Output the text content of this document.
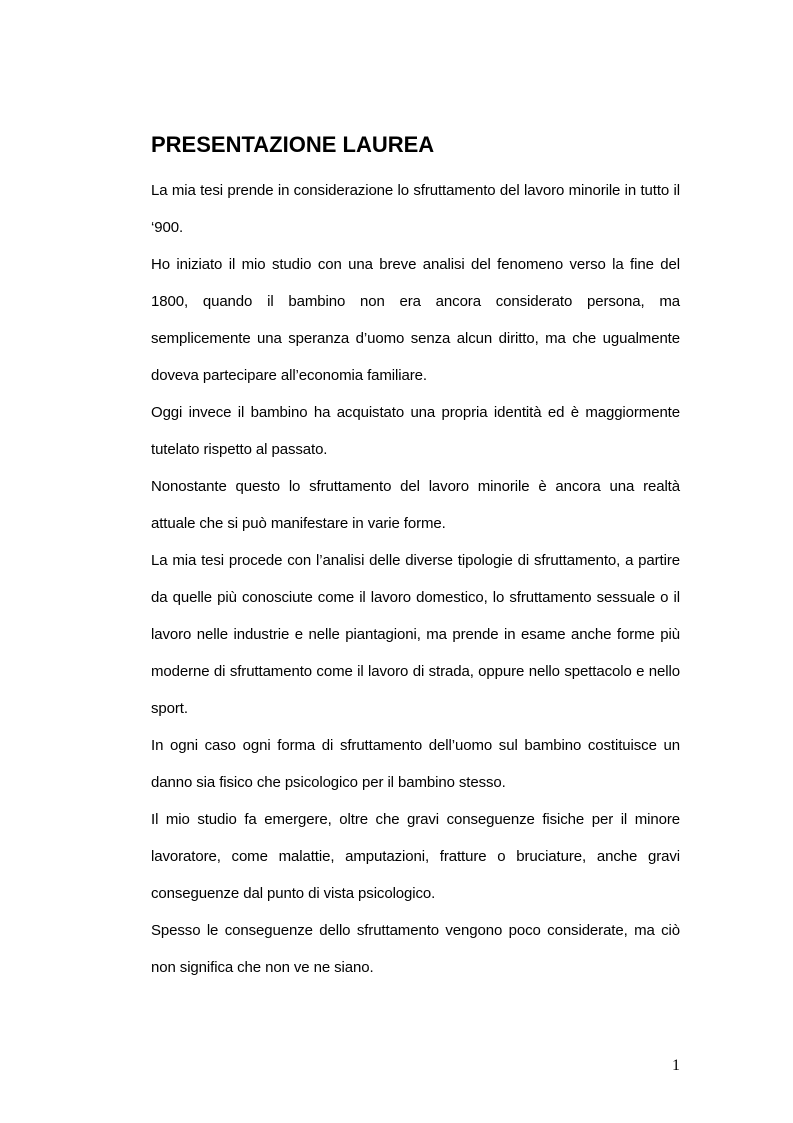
PRESENTAZIONE LAUREA

La mia tesi prende in considerazione lo sfruttamento del lavoro minorile in tutto il ‘900.

Ho iniziato il mio studio con una breve analisi del fenomeno verso la fine del 1800, quando il bambino non era ancora considerato persona, ma semplicemente una speranza d’uomo senza alcun diritto, ma che ugualmente doveva partecipare all’economia familiare.

Oggi invece il bambino ha acquistato una propria identità ed è maggiormente tutelato rispetto al passato.

Nonostante questo lo sfruttamento del lavoro minorile è ancora una realtà attuale che si può manifestare in varie forme.

La mia tesi procede con l’analisi delle diverse tipologie di sfruttamento, a partire da quelle più conosciute come il lavoro domestico, lo sfruttamento sessuale o il lavoro nelle industrie e nelle piantagioni, ma prende in esame anche forme più moderne di sfruttamento come il lavoro di strada, oppure nello spettacolo e nello sport.

In ogni caso ogni forma di sfruttamento dell’uomo sul bambino costituisce un danno sia fisico che psicologico per il bambino stesso.

Il mio studio fa emergere, oltre che gravi conseguenze fisiche per il minore lavoratore, come malattie, amputazioni, fratture o bruciature, anche gravi conseguenze dal punto di vista psicologico.

Spesso le conseguenze dello sfruttamento vengono poco considerate, ma ciò non significa che non ve ne siano.

1
